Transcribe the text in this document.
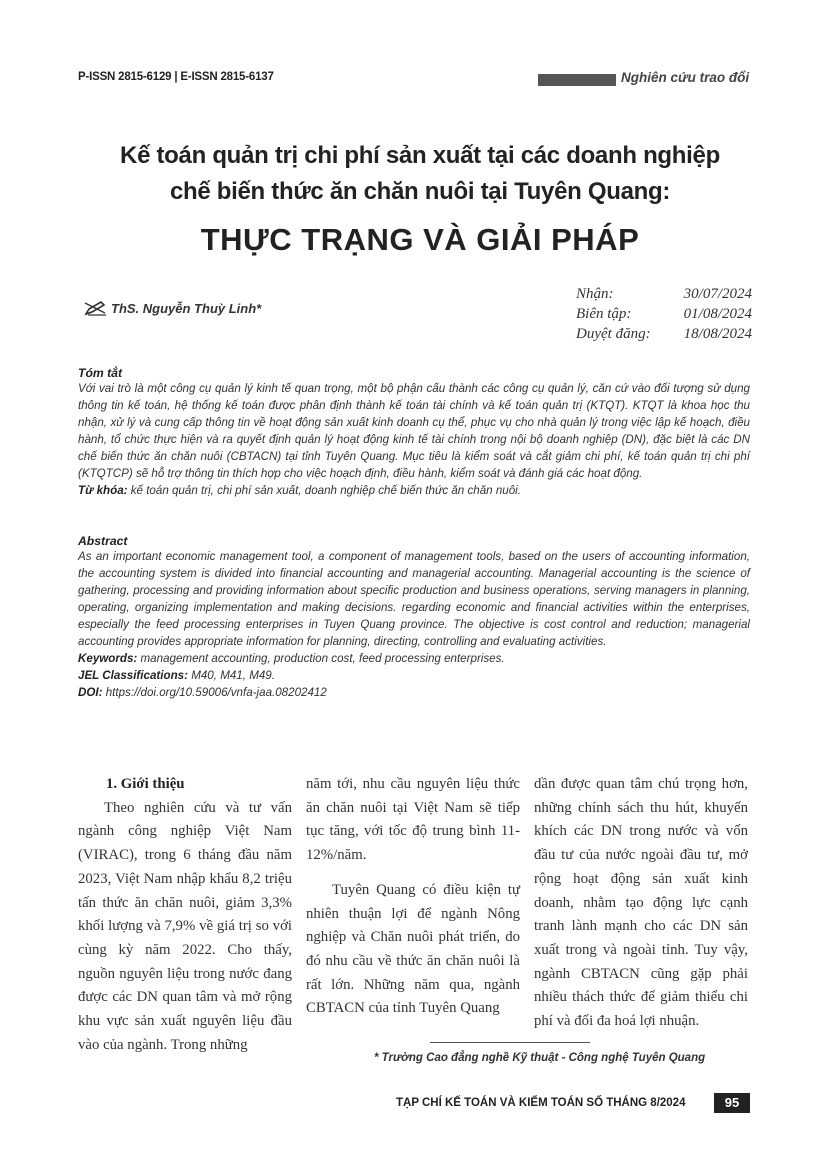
P-ISSN 2815-6129 | E-ISSN 2815-6137	Nghiên cứu trao đổi
Kế toán quản trị chi phí sản xuất tại các doanh nghiệp
chế biến thức ăn chăn nuôi tại Tuyên Quang:
THỰC TRẠNG VÀ GIẢI PHÁP
ThS. Nguyễn Thuỳ Linh*
Nhận:	30/07/2024
Biên tập:	01/08/2024
Duyệt đăng: 18/08/2024
Tóm tắt
Với vai trò là một công cụ quản lý kinh tế quan trọng, một bộ phận cấu thành các công cụ quản lý, căn cứ vào đối tượng sử dụng thông tin kế toán, hệ thống kế toán được phân định thành kế toán tài chính và kế toán quản trị (KTQT). KTQT là khoa học thu nhận, xử lý và cung cấp thông tin về hoạt động sản xuất kinh doanh cụ thể, phục vụ cho nhà quản lý trong việc lập kế hoạch, điều hành, tổ chức thực hiện và ra quyết định quản lý hoạt động kinh tế tài chính trong nội bộ doanh nghiệp (DN), đặc biệt là các DN chế biến thức ăn chăn nuôi (CBTACN) tại tỉnh Tuyên Quang. Mục tiêu là kiểm soát và cắt giảm chi phí, kế toán quản trị chi phí (KTQTCP) sẽ hỗ trợ thông tin thích hợp cho việc hoạch định, điều hành, kiểm soát và đánh giá các hoạt động.
Từ khóa: kế toán quản trị, chi phí sản xuất, doanh nghiệp chế biến thức ăn chăn nuôi.
Abstract
As an important economic management tool, a component of management tools, based on the users of accounting information, the accounting system is divided into financial accounting and managerial accounting. Managerial accounting is the science of gathering, processing and providing information about specific production and business operations, serving managers in planning, operating, organizing implementation and making decisions. regarding economic and financial activities within the enterprises, especially the feed processing enterprises in Tuyen Quang province. The objective is cost control and reduction; managerial accounting provides appropriate information for planning, directing, controlling and evaluating activities.
Keywords: management accounting, production cost, feed processing enterprises.
JEL Classifications: M40, M41, M49.
DOI: https://doi.org/10.59006/vnfa-jaa.08202412

1. Giới thiệu

Theo nghiên cứu và tư vấn ngành công nghiệp Việt Nam (VIRAC), trong 6 tháng đầu năm 2023, Việt Nam nhập khẩu 8,2 triệu tấn thức ăn chăn nuôi, giảm 3,3% khối lượng và 7,9% về giá trị so với cùng kỳ năm 2022. Cho thấy, nguồn nguyên liệu trong nước đang được các DN quan tâm và mở rộng khu vực sản xuất nguyên liệu đầu vào của ngành. Trong những

năm tới, nhu cầu nguyên liệu thức ăn chăn nuôi tại Việt Nam sẽ tiếp tục tăng, với tốc độ trung bình 11-12%/năm.

Tuyên Quang có điều kiện tự nhiên thuận lợi để ngành Nông nghiệp và Chăn nuôi phát triển, do đó nhu cầu về thức ăn chăn nuôi là rất lớn. Những năm qua, ngành CBTACN của tỉnh Tuyên Quang

dần được quan tâm chú trọng hơn, những chính sách thu hút, khuyến khích các DN trong nước và vốn đầu tư của nước ngoài đầu tư, mở rộng hoạt động sản xuất kinh doanh, nhằm tạo động lực cạnh tranh lành mạnh cho các DN sản xuất trong và ngoài tỉnh. Tuy vậy, ngành CBTACN cũng gặp phải nhiều thách thức để giảm thiểu chi phí và đối đa hoá lợi nhuận.

* Trường Cao đẳng nghề Kỹ thuật - Công nghệ Tuyên Quang
TẠP CHÍ KẾ TOÁN VÀ KIỂM TOÁN SỐ THÁNG 8/2024	95
